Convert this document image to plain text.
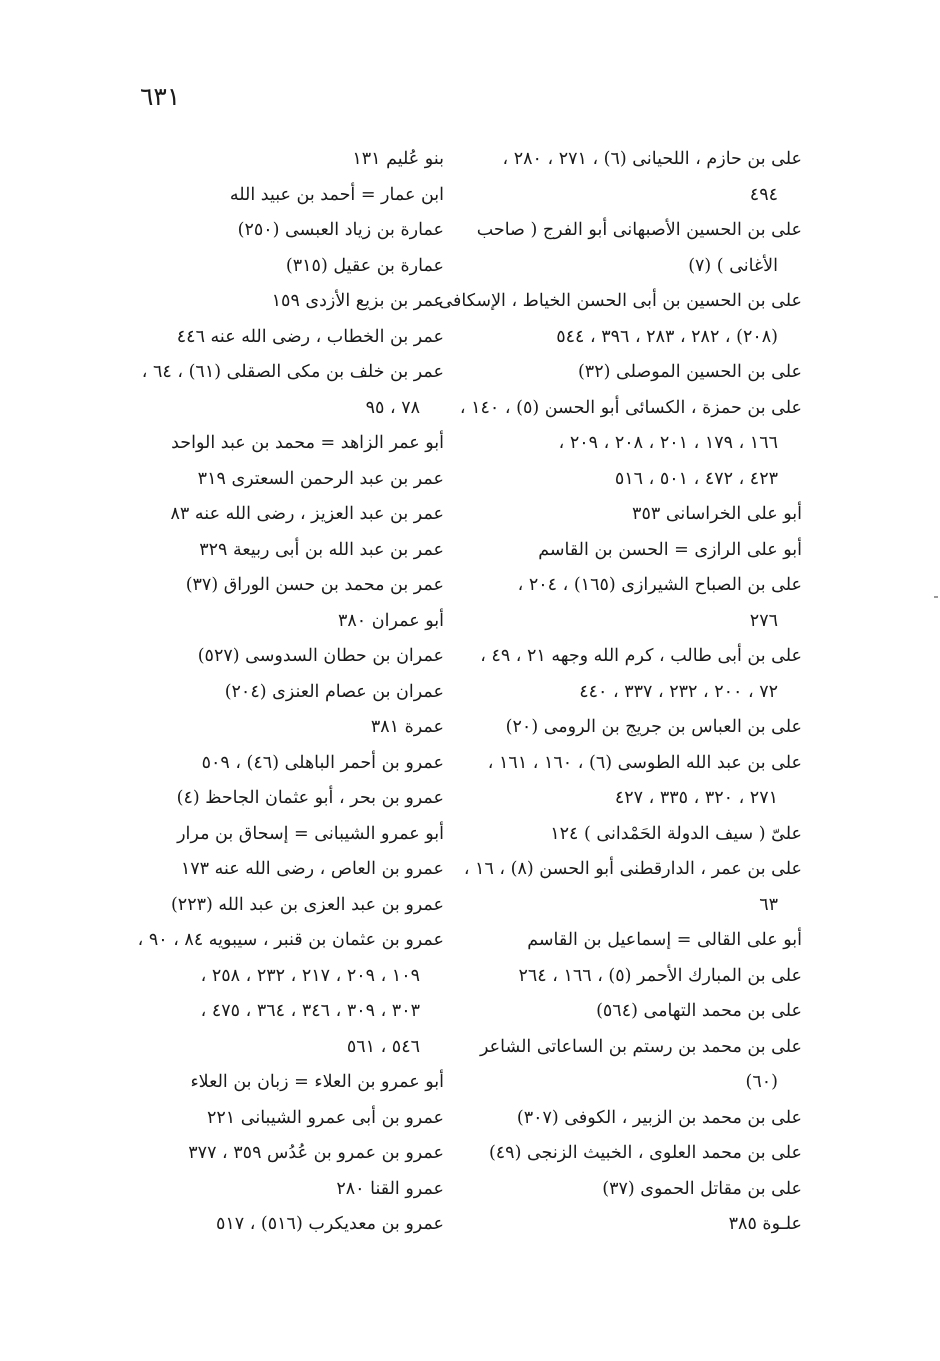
٦٣١
على بن حازم ، اللحيانى (٦) ، ٢٧١ ، ٢٨٠ ،
٤٩٤
على بن الحسين الأصبهانى أبو الفرج ( صاحب
الأغانى ) (٧)
على بن الحسين بن أبى الحسن الخياط ، الإسكافى
(٢٠٨) ، ٢٨٢ ، ٢٨٣ ، ٣٩٦ ، ٥٤٤
على بن الحسين الموصلى (٣٢)
على بن حمزة ، الكسائى أبو الحسن (٥) ، ١٤٠ ،
١٦٦ ، ١٧٩ ، ٢٠١ ، ٢٠٨ ، ٢٠٩ ،
٤٢٣ ، ٤٧٢ ، ٥٠١ ، ٥١٦
أبو على الخراسانى ٣٥٣
أبو على الرازى = الحسن بن القاسم
على بن الصباح الشيرازى (١٦٥) ، ٢٠٤ ،
٢٧٦
على بن أبى طالب ، كرم الله وجهه ٢١ ، ٤٩ ،
٧٢ ، ٢٠٠ ، ٢٣٢ ، ٣٣٧ ، ٤٤٠
على بن العباس بن جريج بن الرومى (٢٠)
على بن عبد الله الطوسى (٦) ، ١٦٠ ، ١٦١ ،
٢٧١ ، ٣٢٠ ، ٣٣٥ ، ٤٢٧
علىّ ( سيف الدولة الحَمْدانى ) ١٢٤
على بن عمر ، الدارقطنى أبو الحسن (٨) ، ١٦ ،
٦٣
أبو على القالى = إسماعيل بن القاسم
على بن المبارك الأحمر (٥) ، ١٦٦ ، ٢٦٤
على بن محمد التهامى (٥٦٤)
على بن محمد بن رستم بن الساعاتى الشاعر
(٦٠)
على بن محمد بن الزبير ، الكوفى (٣٠٧)
على بن محمد العلوى ، الخبيث الزنجى (٤٩)
على بن مقاتل الحموى (٣٧)
علـوة ٣٨٥
بنو عُليم ١٣١
ابن عمار = أحمد بن عبيد الله
عمارة بن زياد العبسى (٢٥٠)
عمارة بن عقيل (٣١٥)
عمر بن بزيع الأزدى ١٥٩
عمر بن الخطاب ، رضى الله عنه ٤٤٦
عمر بن خلف بن مكى الصقلى (٦١) ، ٦٤ ،
٧٨ ، ٩٥
أبو عمر الزاهد = محمد بن عبد الواحد
عمر بن عبد الرحمن السعترى ٣١٩
عمر بن عبد العزيز ، رضى الله عنه ٨٣
عمر بن عبد الله بن أبى ربيعة ٣٢٩
عمر بن محمد بن حسن الوراق (٣٧)
أبو عمران ٣٨٠
عمران بن حطان السدوسى (٥٢٧)
عمران بن عصام العنزى (٢٠٤)
عمرة ٣٨١
عمرو بن أحمر الباهلى (٤٦) ، ٥٠٩
عمرو بن بحر ، أبو عثمان الجاحظ (٤)
أبو عمرو الشيبانى = إسحاق بن مرار
عمرو بن العاص ، رضى الله عنه ١٧٣
عمرو بن عبد العزى بن عبد الله (٢٢٣)
عمرو بن عثمان بن قنبر ، سيبويه ٨٤ ، ٩٠ ،
١٠٩ ، ٢٠٩ ، ٢١٧ ، ٢٣٢ ، ٢٥٨ ،
٣٠٣ ، ٣٠٩ ، ٣٤٦ ، ٣٦٤ ، ٤٧٥ ،
٥٤٦ ، ٥٦١
أبو عمرو بن العلاء = زبان بن العلاء
عمرو بن أبى عمرو الشيبانى ٢٢١
عمرو بن عمرو بن عُدُس ٣٥٩ ، ٣٧٧
عمرو القنا ٢٨٠
عمرو بن معديكرب (٥١٦) ، ٥١٧
